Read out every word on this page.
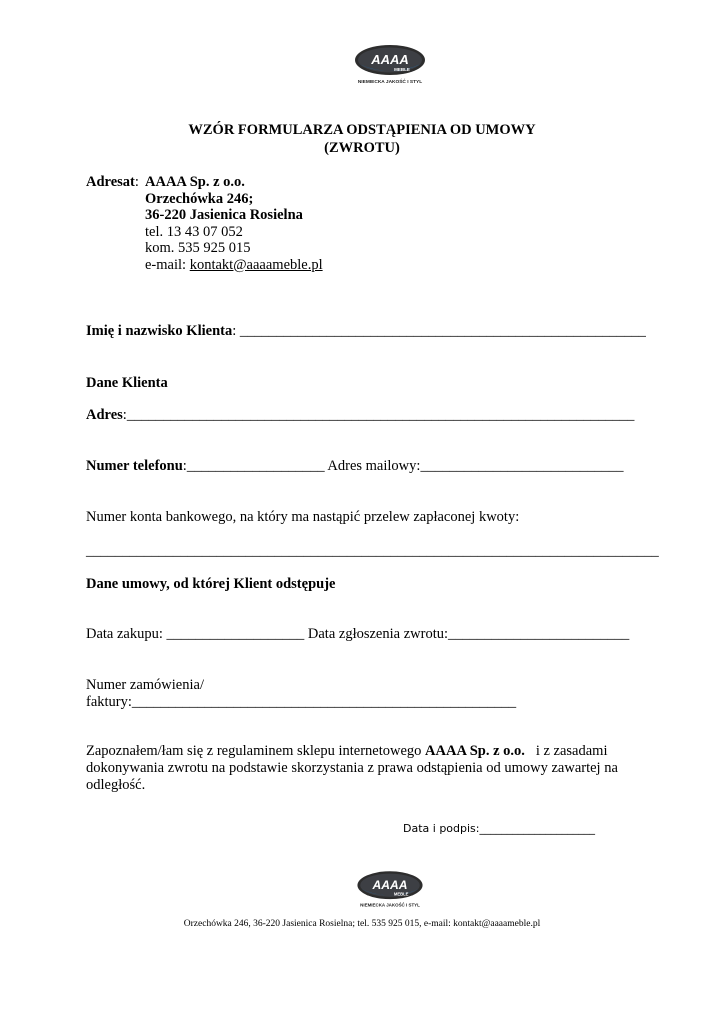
AAAA
MEBLE
NIEMIECKA JAKOŚĆ I STYL
WZÓR FORMULARZA ODSTĄPIENIA OD UMOWY
(ZWROTU)
Adresat: AAAA Sp. z o.o.
Orzechówka 246;
36-220 Jasienica Rosielna
tel. 13 43 07 052
kom. 535 925 015
e-mail: kontakt@aaaameble.pl
Imię i nazwisko Klienta: ________________________________________________________
Dane Klienta
Adres:______________________________________________________________________
Numer telefonu:___________________ Adres mailowy:____________________________
Numer konta bankowego, na który ma nastąpić przelew zapłaconej kwoty:
_______________________________________________________________________________
Dane umowy, od której Klient odstępuje
Data zakupu: ___________________ Data zgłoszenia zwrotu:_________________________
Numer zamówienia/
faktury:_____________________________________________________
Zapoznałem/łam się z regulaminem sklepu internetowego AAAA Sp. z o.o.   i z zasadami
dokonywania zwrotu na podstawie skorzystania z prawa odstąpienia od umowy zawartej na
odległość.
Data i podpis:_____________________
AAAA
MEBLE
NIEMIECKA JAKOŚĆ I STYL
Orzechówka 246, 36-220 Jasienica Rosielna; tel. 535 925 015, e-mail: kontakt@aaaameble.pl
